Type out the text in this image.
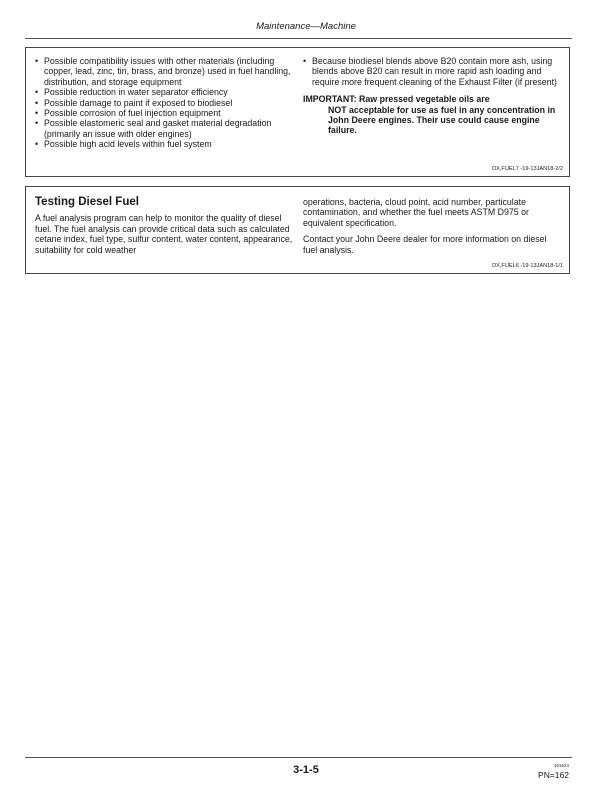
Maintenance—Machine
• Possible compatibility issues with other materials (including copper, lead, zinc, tin, brass, and bronze) used in fuel handling, distribution, and storage equipment
• Possible reduction in water separator efficiency
• Possible damage to paint if exposed to biodiesel
• Possible corrosion of fuel injection equipment
• Possible elastomeric seal and gasket material degradation (primarily an issue with older engines)
• Possible high acid levels within fuel system
• Because biodiesel blends above B20 contain more ash, using blends above B20 can result in more rapid ash loading and require more frequent cleaning of the Exhaust Filter (if present)
IMPORTANT: Raw pressed vegetable oils are
NOT acceptable for use as fuel in any concentration in John Deere engines. Their use could cause engine failure.
DX,FUEL7 -19-13JAN18-2/2
Testing Diesel Fuel

A fuel analysis program can help to monitor the quality of diesel fuel. The fuel analysis can provide critical data such as calculated cetane index, fuel type, sulfur content, water content, appearance, suitability for cold weather

operations, bacteria, cloud point, acid number, particulate contamination, and whether the fuel meets ASTM D975 or equivalent specification.

Contact your John Deere dealer for more information on diesel fuel analysis.

DX,FUEL6 -19-13JAN18-1/1
3-1-5	101524
PN=162
